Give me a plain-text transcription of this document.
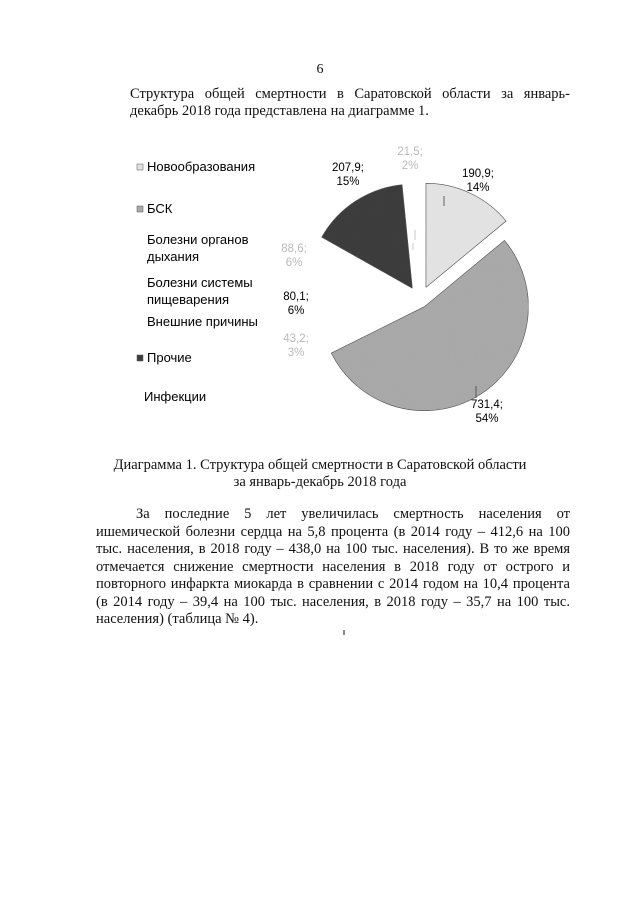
6
Структура общей смертности в Саратовской области за январь-декабрь 2018 года представлена на диаграмме 1.
190,9; 14%
731,4; 54%
88,6; 6%
80,1; 6%
43,2; 3%
207,9; 15%
21,5; 2%
Новообразования
БСК
Болезни органов дыхания
Болезни системы пищеварения
Внешние причины
Прочие
Инфекции
Диаграмма 1. Структура общей смертности в Саратовской области
за январь-декабрь 2018 года

За последние 5 лет увеличилась смертность населения от ишемической болезни сердца на 5,8 процента (в 2014 году – 412,6 на 100 тыс. населения, в 2018 году – 438,0 на 100 тыс. населения). В то же время отмечается снижение смертности населения в 2018 году от острого и повторного инфаркта миокарда в сравнении с 2014 годом на 10,4 процента (в 2014 году – 39,4 на 100 тыс. населения, в 2018 году – 35,7 на 100 тыс. населения) (таблица № 4).
